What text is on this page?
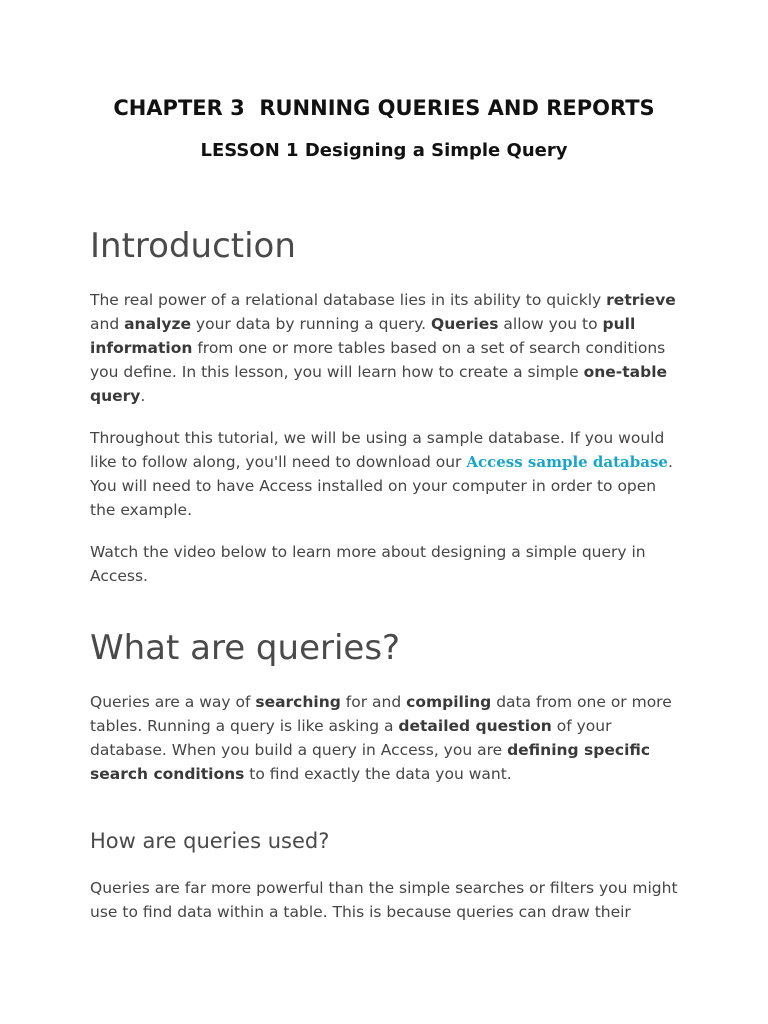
CHAPTER 3  RUNNING QUERIES AND REPORTS
LESSON 1 Designing a Simple Query
Introduction

The real power of a relational database lies in its ability to quickly retrieve and analyze your data by running a query. Queries allow you to pull information from one or more tables based on a set of search conditions you define. In this lesson, you will learn how to create a simple one-table query.

Throughout this tutorial, we will be using a sample database. If you would like to follow along, you'll need to download our Access sample database. You will need to have Access installed on your computer in order to open the example.

Watch the video below to learn more about designing a simple query in Access.

What are queries?

Queries are a way of searching for and compiling data from one or more tables. Running a query is like asking a detailed question of your database. When you build a query in Access, you are defining specific search conditions to find exactly the data you want.

How are queries used?

Queries are far more powerful than the simple searches or filters you might use to find data within a table. This is because queries can draw their
